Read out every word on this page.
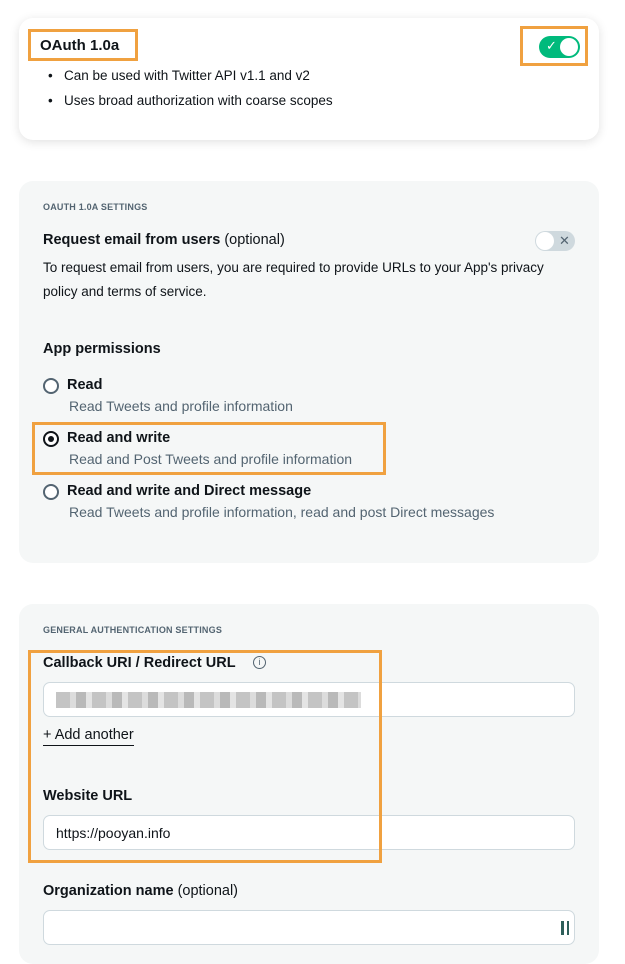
OAuth 1.0a	✓
•   Can be used with Twitter API v1.1 and v2
•   Uses broad authorization with coarse scopes
OAUTH 1.0A SETTINGS
Request email from users (optional)	✕
To request email from users, you are required to provide URLs to your App's privacy policy and terms of service.
App permissions
Read
Read Tweets and profile information
Read and write
Read and Post Tweets and profile information
Read and write and Direct message
Read Tweets and profile information, read and post Direct messages
GENERAL AUTHENTICATION SETTINGS
Callback URI / Redirect URL	i
+ Add another
Website URL
https://pooyan.info
Organization name (optional)
